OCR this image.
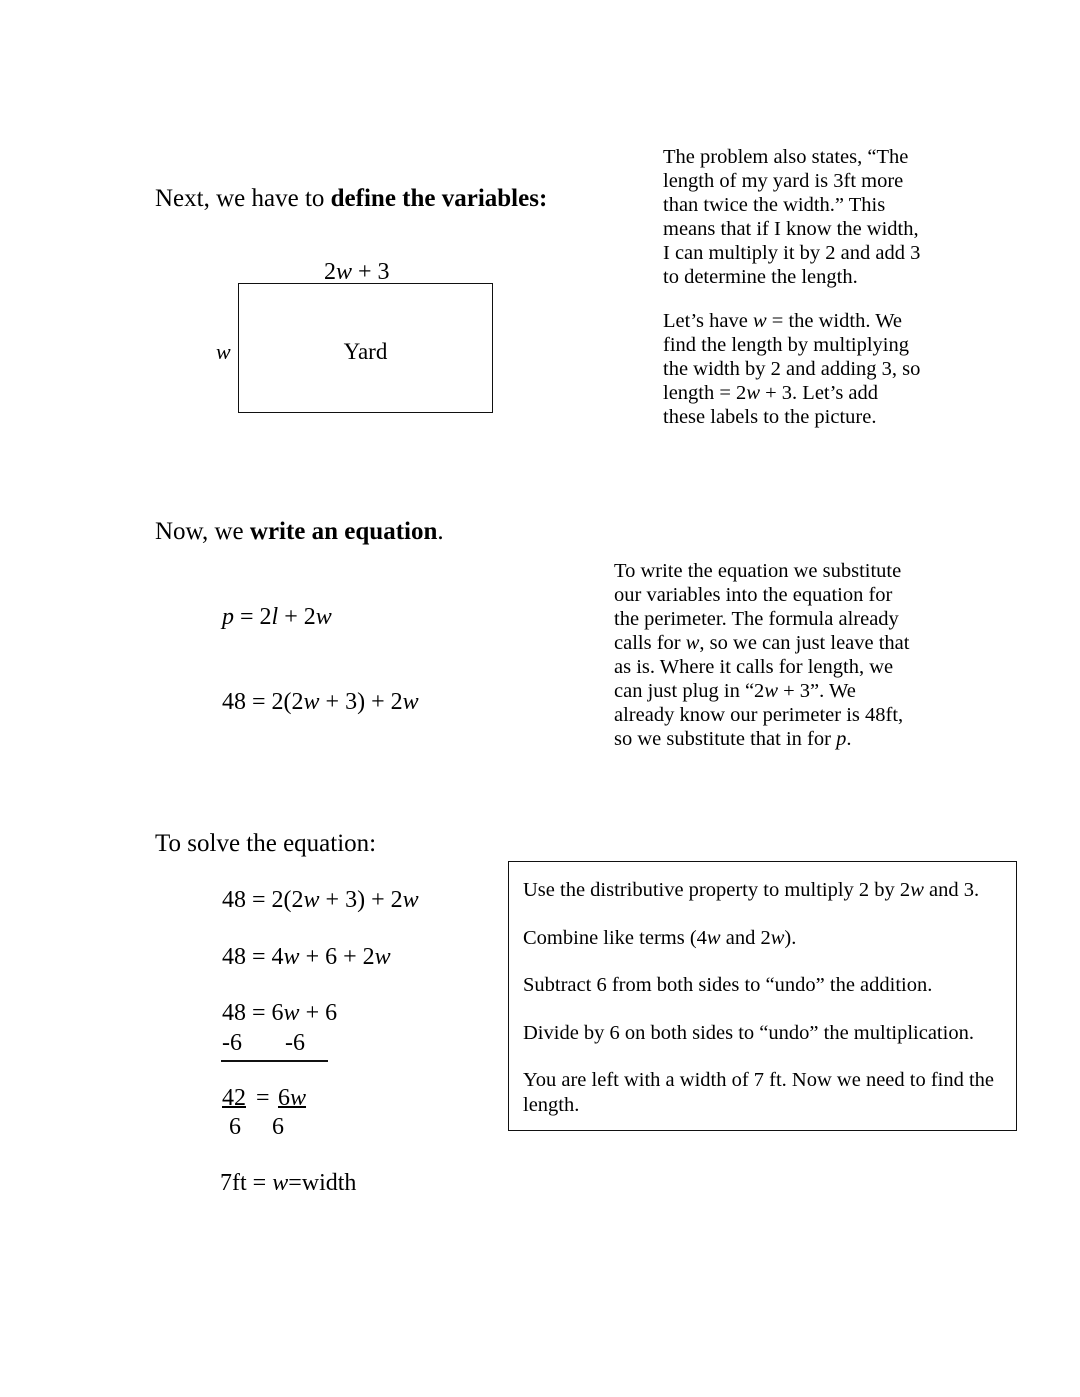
Next, we have to define the variables:
2w + 3
w	Yard

The problem also states, “The length of my yard is 3ft more than twice the width.” This means that if I know the width, I can multiply it by 2 and add 3 to determine the length.

Let’s have w = the width. We find the length by multiplying the width by 2 and adding 3, so length = 2w + 3. Let’s add these labels to the picture.

Now, we write an equation.
p = 2l + 2w
48 = 2(2w + 3) + 2w

To write the equation we substitute our variables into the equation for the perimeter. The formula already calls for w, so we can just leave that as is. Where it calls for length, we can just plug in “2w + 3”. We already know our perimeter is 48ft, so we substitute that in for p.

To solve the equation:
48 = 2(2w + 3) + 2w
48 = 4w + 6 + 2w
48 = 6w + 6
-6 -6
42 = 6w
6 6
7ft = w=width

Use the distributive property to multiply 2 by 2w and 3.

Combine like terms (4w and 2w).

Subtract 6 from both sides to “undo” the addition.

Divide by 6 on both sides to “undo” the multiplication.

You are left with a width of 7 ft. Now we need to find the length.
